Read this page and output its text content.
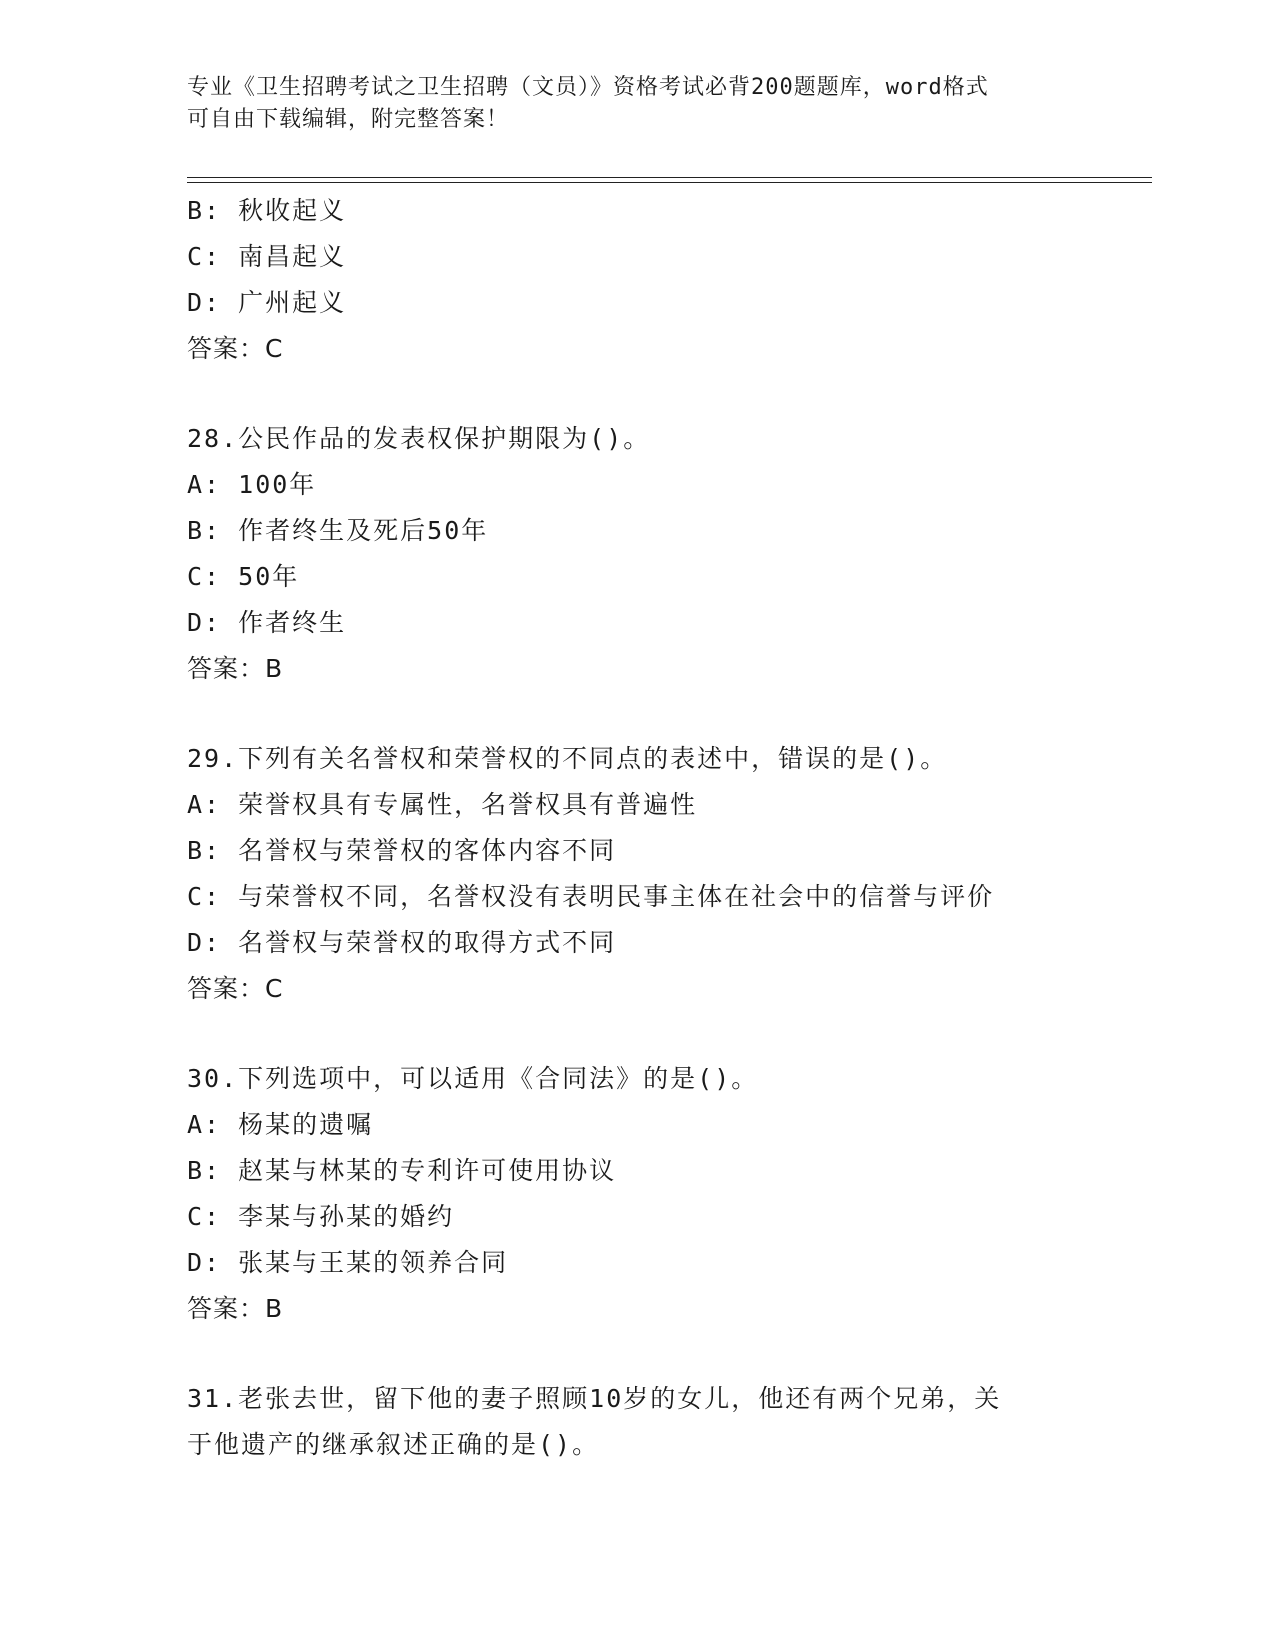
专业《卫生招聘考试之卫生招聘（文员）》资格考试必背200题题库，word格式
可自由下载编辑，附完整答案！
B: 秋收起义
C: 南昌起义
D: 广州起义
答案：C
28.公民作品的发表权保护期限为()。
A: 100年
B: 作者终生及死后50年
C: 50年
D: 作者终生
答案：B
29.下列有关名誉权和荣誉权的不同点的表述中，错误的是()。
A: 荣誉权具有专属性，名誉权具有普遍性
B: 名誉权与荣誉权的客体内容不同
C: 与荣誉权不同，名誉权没有表明民事主体在社会中的信誉与评价
D: 名誉权与荣誉权的取得方式不同
答案：C
30.下列选项中，可以适用《合同法》的是()。
A: 杨某的遗嘱
B: 赵某与林某的专利许可使用协议
C: 李某与孙某的婚约
D: 张某与王某的领养合同
答案：B
31.老张去世，留下他的妻子照顾10岁的女儿，他还有两个兄弟，关
于他遗产的继承叙述正确的是()。
